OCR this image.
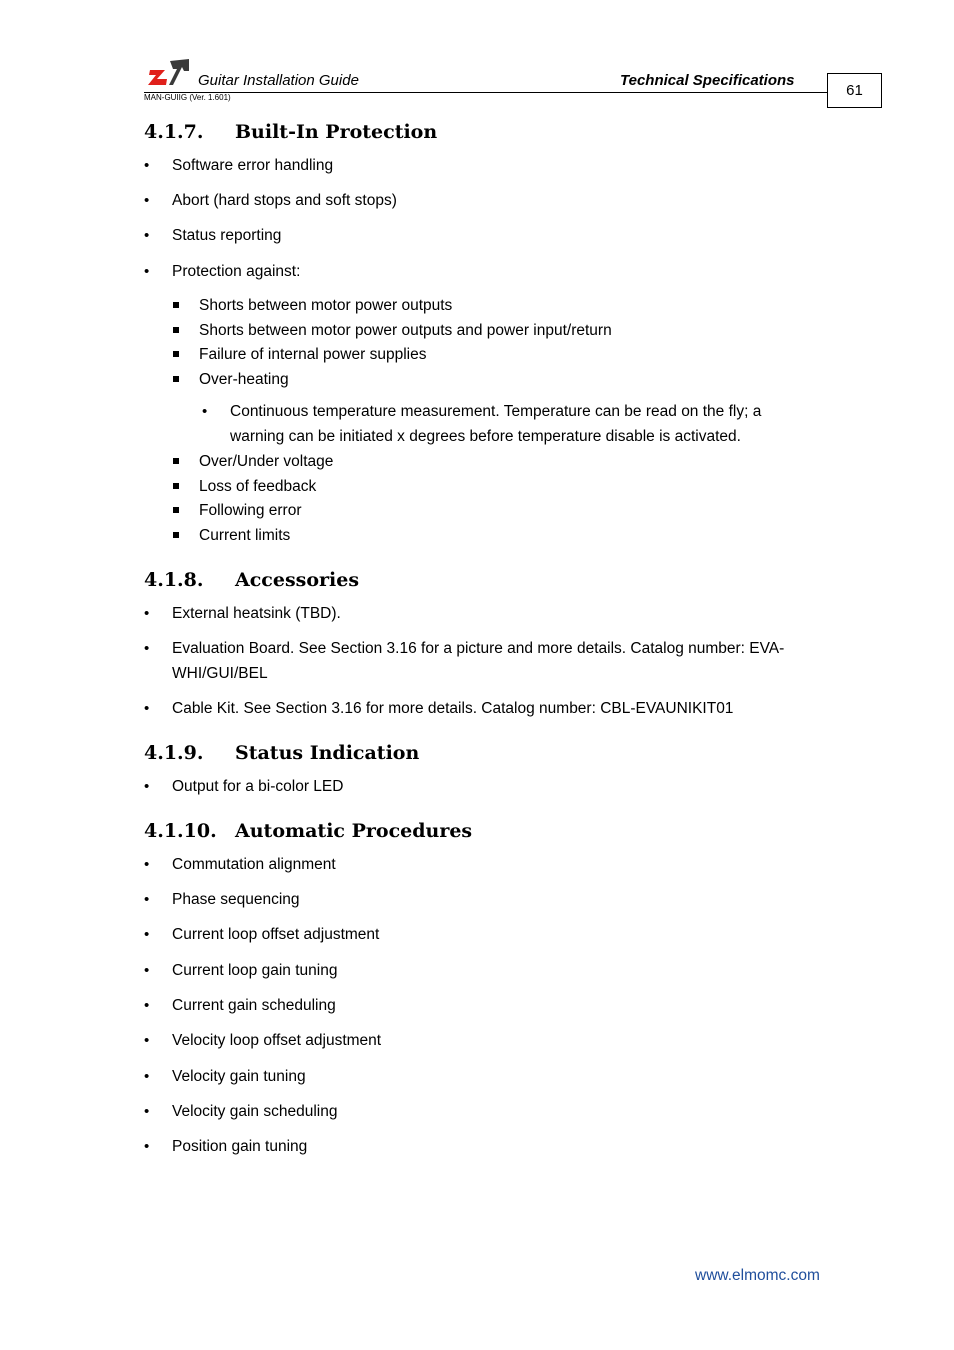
Guitar Installation Guide	Technical Specifications
MAN-GUIIG (Ver. 1.601)	61
4.1.7. Built-In Protection
• Software error handling
• Abort (hard stops and soft stops)
• Status reporting
• Protection against:
Shorts between motor power outputs
Shorts between motor power outputs and power input/return
Failure of internal power supplies
Over-heating
• Continuous temperature measurement. Temperature can be read on the fly; a warning can be initiated x degrees before temperature disable is activated.
Over/Under voltage
Loss of feedback
Following error
Current limits
4.1.8. Accessories
• External heatsink (TBD).
• Evaluation Board. See Section 3.16 for a picture and more details. Catalog number: EVA-WHI/GUI/BEL
• Cable Kit. See Section 3.16 for more details. Catalog number: CBL-EVAUNIKIT01
4.1.9. Status Indication
• Output for a bi-color LED
4.1.10. Automatic Procedures
• Commutation alignment
• Phase sequencing
• Current loop offset adjustment
• Current loop gain tuning
• Current gain scheduling
• Velocity loop offset adjustment
• Velocity gain tuning
• Velocity gain scheduling
• Position gain tuning
www.elmomc.com
